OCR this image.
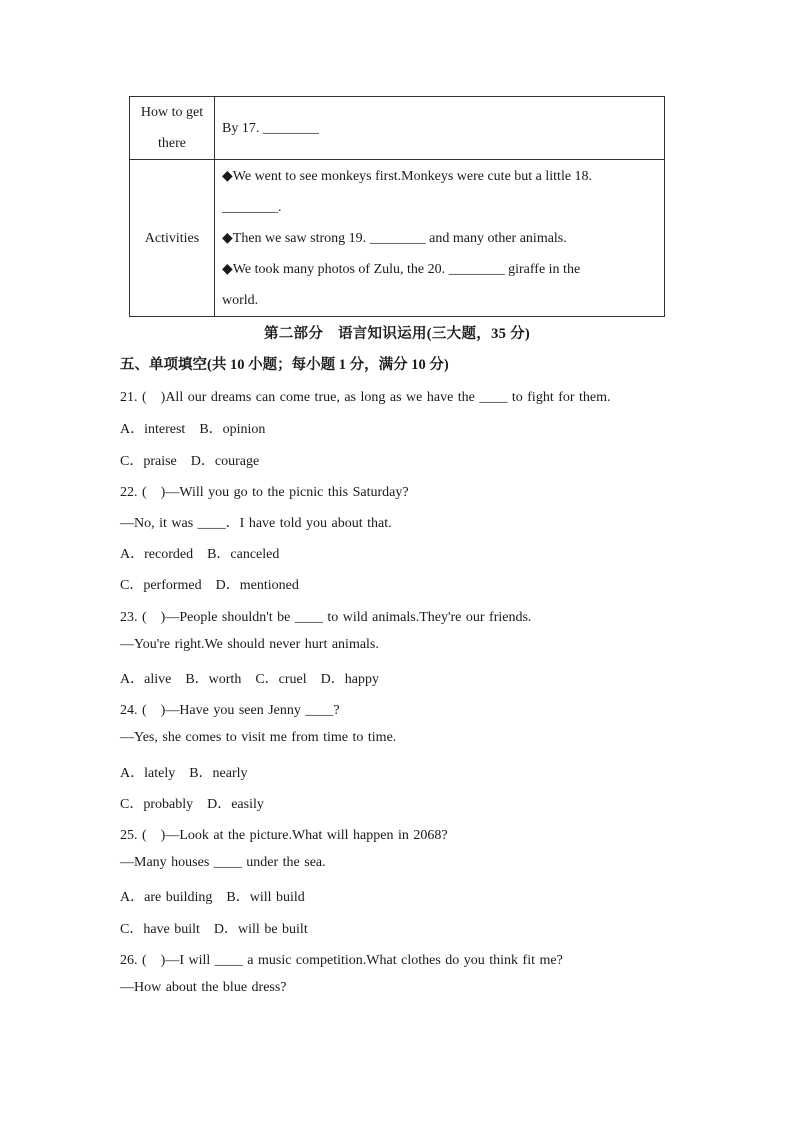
How to get
there	By 17. ________
Activities	◆We went to see monkeys first.Monkeys were cute but a little 18.
________.
◆Then we saw strong 19. ________ and many other animals.
◆We took many photos of Zulu, the 20. ________ giraffe in the
world.
第二部分　语言知识运用(三大题，35 分)
五、单项填空(共 10 小题；每小题 1 分，满分 10 分)
21. (　)All our dreams can come true, as long as we have the ____ to fight for them.
A．interest　B．opinion
C．praise　D．courage
22. (　)—Will you go to the picnic this Saturday?
—No, it was ____．I have told you about that.
A．recorded　B．canceled
C．performed　D．mentioned
23. (　)—People shouldn't be ____ to wild animals.They're our friends.
—You're right.We should never hurt animals.
A．alive　B．worth　C．cruel　D．happy
24. (　)—Have you seen Jenny ____?
—Yes, she comes to visit me from time to time.
A．lately　B．nearly
C．probably　D．easily
25. (　)—Look at the picture.What will happen in 2068?
—Many houses ____ under the sea.
A．are building　B．will build
C．have built　D．will be built
26. (　)—I will ____ a music competition.What clothes do you think fit me?
—How about the blue dress?
